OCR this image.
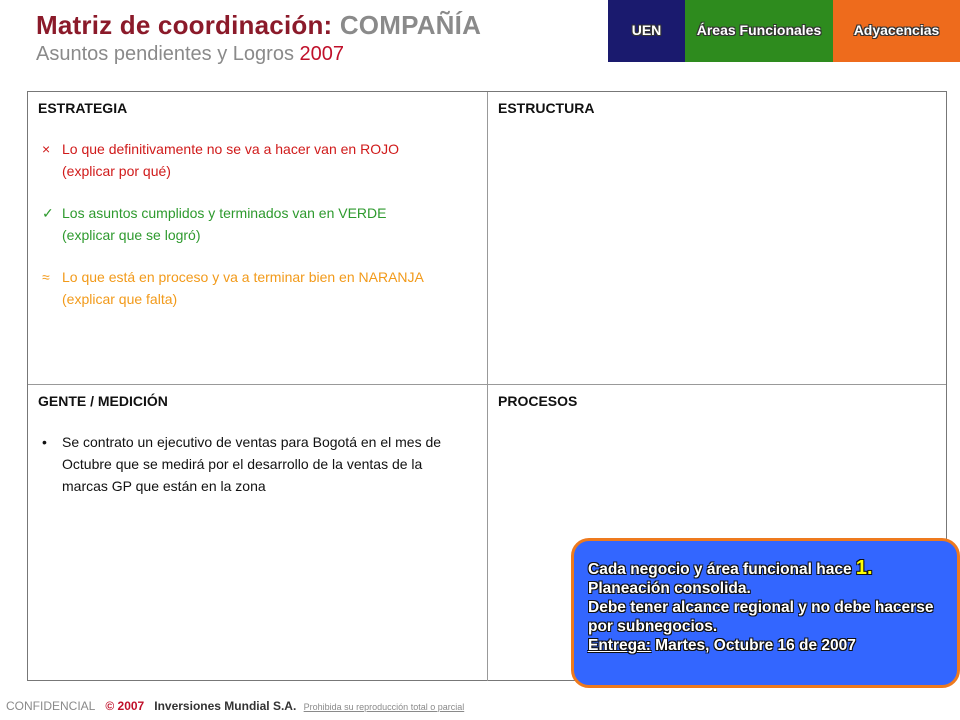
Matriz de coordinación: COMPAÑÍA
Asuntos pendientes y Logros 2007
UEN	Áreas Funcionales	Adyacencias
ESTRATEGIA
× Lo que definitivamente no se va a hacer van en ROJO
(explicar por qué)
✓ Los asuntos cumplidos y terminados van en VERDE
(explicar que se logró)
≈ Lo que está en proceso y va a terminar bien en NARANJA
(explicar que falta)
ESTRUCTURA
GENTE / MEDICIÓN
•	Se contrato un ejecutivo de ventas para Bogotá en el mes de Octubre que se medirá por el desarrollo de la ventas de la marcas GP que están en la zona
PROCESOS
Cada negocio y área funcional hace 1.
Planeación consolida.
Debe tener alcance regional y no debe hacerse por subnegocios.
Entrega: Martes, Octubre 16 de 2007
CONFIDENCIAL © 2007 Inversiones Mundial S.A. Prohibida su reproducción total o parcial
